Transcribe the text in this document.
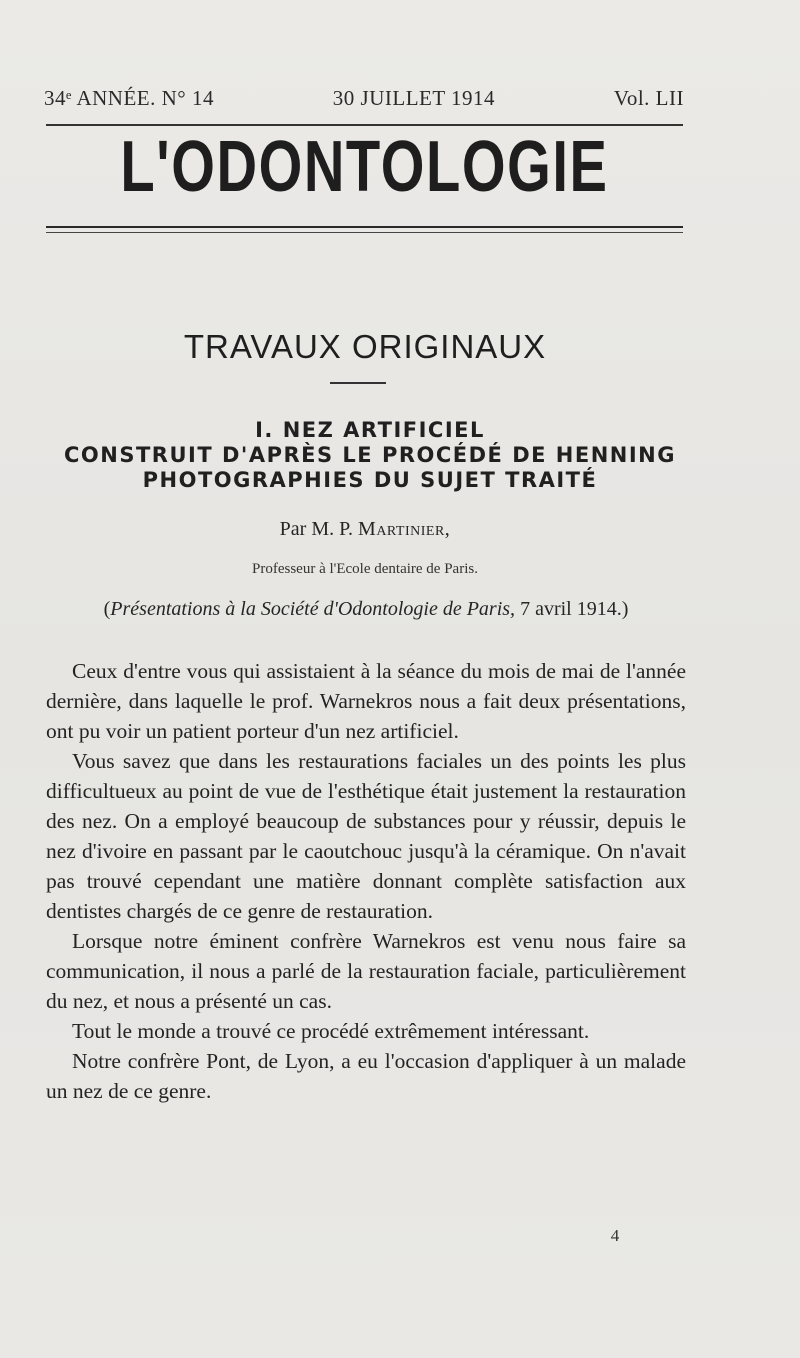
34ᵉ ANNÉE. N° 14	30 JUILLET 1914	Vol. LII
L'ODONTOLOGIE
TRAVAUX ORIGINAUX
I. NEZ ARTIFICIEL
CONSTRUIT D'APRÈS LE PROCÉDÉ DE HENNING
PHOTOGRAPHIES DU SUJET TRAITÉ
Par M. P. Martinier,
Professeur à l'Ecole dentaire de Paris.
(Présentations à la Société d'Odontologie de Paris, 7 avril 1914.)

Ceux d'entre vous qui assistaient à la séance du mois de mai de l'année dernière, dans laquelle le prof. Warnekros nous a fait deux présentations, ont pu voir un patient porteur d'un nez artificiel.

Vous savez que dans les restaurations faciales un des points les plus difficultueux au point de vue de l'esthétique était justement la restauration des nez. On a employé beaucoup de substances pour y réussir, depuis le nez d'ivoire en passant par le caoutchouc jusqu'à la céramique. On n'avait pas trouvé cependant une matière donnant complète satisfaction aux dentistes chargés de ce genre de restauration.

Lorsque notre éminent confrère Warnekros est venu nous faire sa communication, il nous a parlé de la restauration faciale, particulièrement du nez, et nous a présenté un cas.

Tout le monde a trouvé ce procédé extrêmement intéressant.

Notre confrère Pont, de Lyon, a eu l'occasion d'appliquer à un malade un nez de ce genre.

4
